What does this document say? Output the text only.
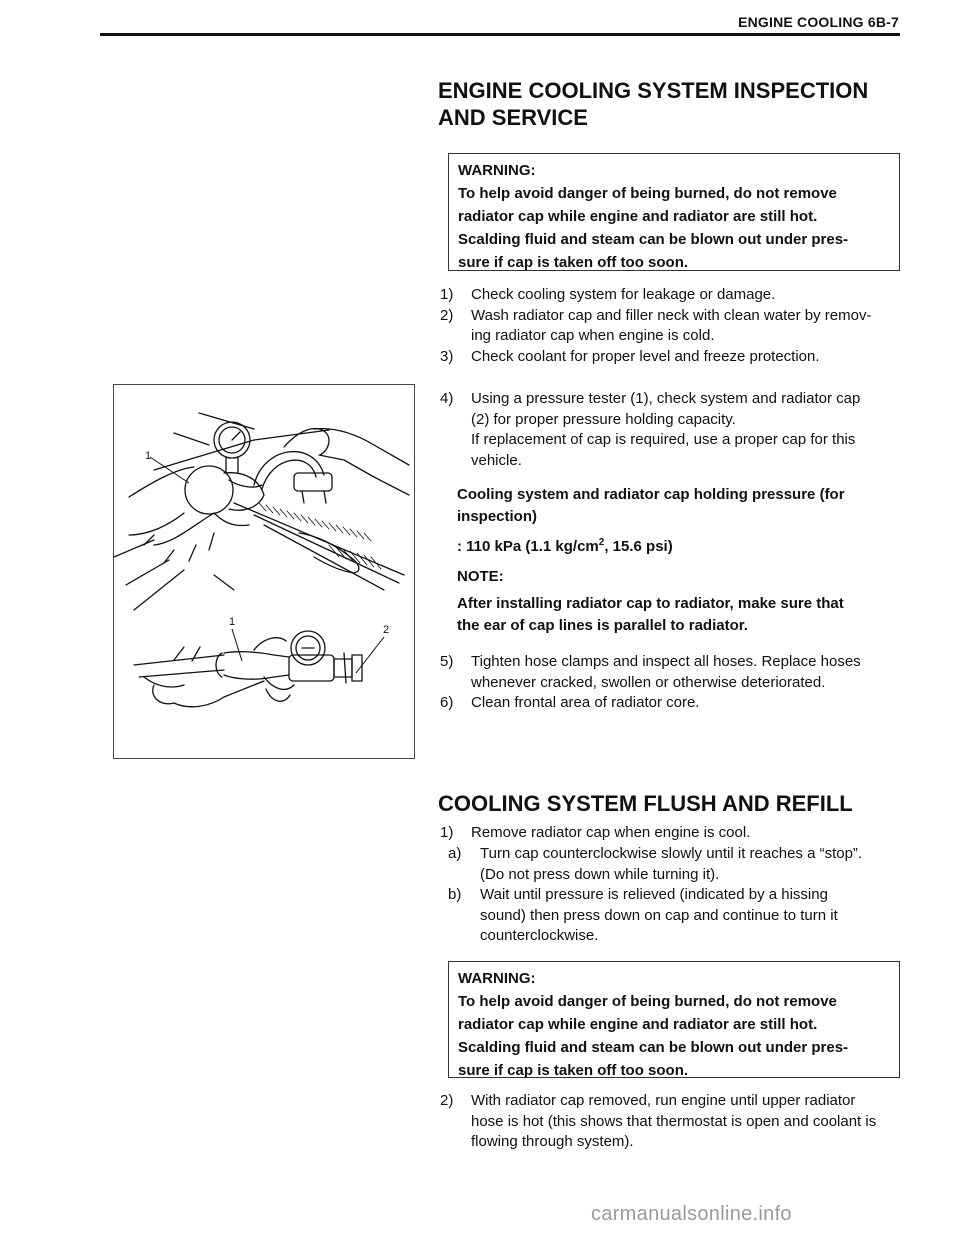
ENGINE COOLING 6B-7
ENGINE COOLING SYSTEM INSPECTION
AND SERVICE
WARNING:
To help avoid danger of being burned, do not remove
radiator cap while engine and radiator are still hot.
Scalding fluid and steam can be blown out under pres-
sure if cap is taken off too soon.
1)	Check cooling system for leakage or damage.
2)	Wash radiator cap and filler neck with clean water by remov-
ing radiator cap when engine is cold.
3)	Check coolant for proper level and freeze protection.
1
1
2
4)	Using a pressure tester (1), check system and radiator cap
(2) for proper pressure holding capacity.
If replacement of cap is required, use a proper cap for this
vehicle.
Cooling system and radiator cap holding pressure (for
inspection)
: 110 kPa (1.1 $kg/cm^2$, 15.6 psi)
NOTE:
After installing radiator cap to radiator, make sure that
the ear of cap lines is parallel to radiator.
5)	Tighten hose clamps and inspect all hoses. Replace hoses
whenever cracked, swollen or otherwise deteriorated.
6)	Clean frontal area of radiator core.
COOLING SYSTEM FLUSH AND REFILL
1)	Remove radiator cap when engine is cool.
a)	Turn cap counterclockwise slowly until it reaches a “stop”.
(Do not press down while turning it).
b)	Wait until pressure is relieved (indicated by a hissing
sound) then press down on cap and continue to turn it
counterclockwise.
WARNING:
To help avoid danger of being burned, do not remove
radiator cap while engine and radiator are still hot.
Scalding fluid and steam can be blown out under pres-
sure if cap is taken off too soon.
2)	With radiator cap removed, run engine until upper radiator
hose is hot (this shows that thermostat is open and coolant is
flowing through system).
carmanualsonline.info
